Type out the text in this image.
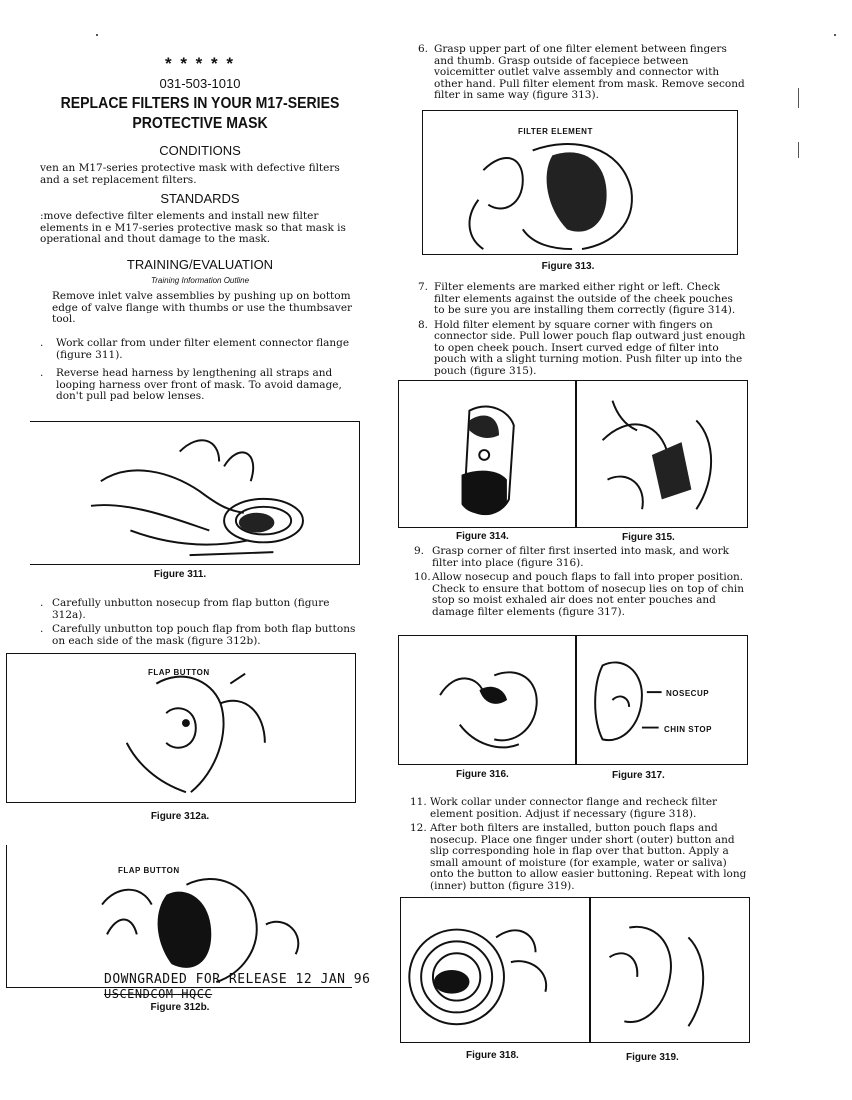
* * * * *
031-503-1010
REPLACE FILTERS IN YOUR M17-SERIES
PROTECTIVE MASK
CONDITIONS
ven an M17-series protective mask with defective filters and a set replacement filters.
STANDARDS
:move defective filter elements and install new filter elements in e M17-series protective mask so that mask is operational and thout damage to the mask.
TRAINING/EVALUATION
Training Information Outline
Remove inlet valve assemblies by pushing up on bottom edge of valve flange with thumbs or use the thumbsaver tool.
. Work collar from under filter element connector flange (figure 311).
. Reverse head harness by lengthening all straps and looping harness over front of mask. To avoid damage, don't pull pad below lenses.
Figure 311.
. Carefully unbutton nosecup from flap button (figure 312a).
. Carefully unbutton top pouch flap from both flap buttons on each side of the mask (figure 312b).
FLAP BUTTON
Figure 312a.
FLAP BUTTON
DOWNGRADED FOR RELEASE 12 JAN 96
USCENDCOM-HQCC
Figure 312b.
6. Grasp upper part of one filter element between fingers and thumb. Grasp outside of facepiece between voicemitter outlet valve assembly and connector with other hand. Pull filter element from mask. Remove second filter in same way (figure 313).
FILTER ELEMENT
Figure 313.
7. Filter elements are marked either right or left. Check filter elements against the outside of the cheek pouches to be sure you are installing them correctly (figure 314).
8. Hold filter element by square corner with fingers on connector side. Pull lower pouch flap outward just enough to open cheek pouch. Insert curved edge of filter into pouch with a slight turning motion. Push filter up into the pouch (figure 315).
Figure 314.	Figure 315.
9. Grasp corner of filter first inserted into mask, and work filter into place (figure 316).
10. Allow nosecup and pouch flaps to fall into proper position. Check to ensure that bottom of nosecup lies on top of chin stop so moist exhaled air does not enter pouches and damage filter elements (figure 317).
NOSECUP
CHIN STOP
Figure 316.	Figure 317.
11. Work collar under connector flange and recheck filter element position. Adjust if necessary (figure 318).
12. After both filters are installed, button pouch flaps and nosecup. Place one finger under short (outer) button and slip corresponding hole in flap over that button. Apply a small amount of moisture (for example, water or saliva) onto the button to allow easier buttoning. Repeat with long (inner) button (figure 319).
Figure 318.	Figure 319.
